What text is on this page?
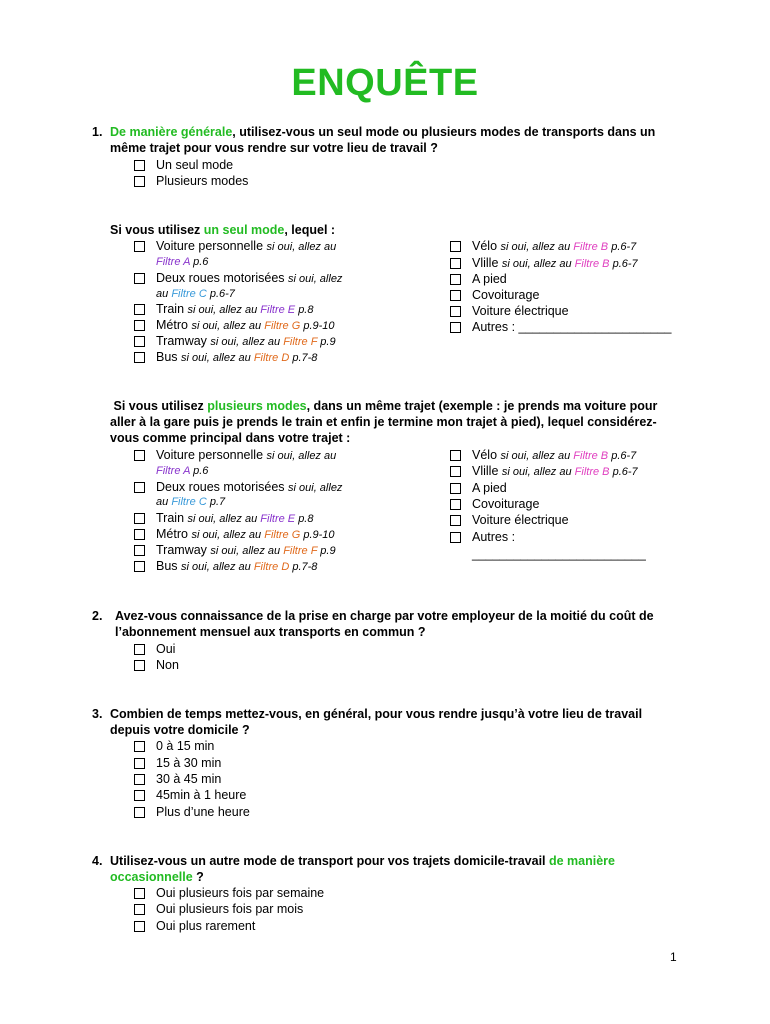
ENQUÊTE
1. De manière générale, utilisez-vous un seul mode ou plusieurs modes de transports dans un
même trajet pour vous rendre sur votre lieu de travail ?
Un seul mode
Plusieurs modes
Si vous utilisez un seul mode, lequel :
Voiture personnelle si oui, allez au
Filtre A p.6
Deux roues motorisées si oui, allez
au Filtre C p.6-7
Train si oui, allez au Filtre E p.8
Métro si oui, allez au Filtre G p.9-10
Tramway si oui, allez au Filtre F p.9
Bus si oui, allez au Filtre D p.7-8
Vélo si oui, allez au Filtre B p.6-7
Vlille si oui, allez au Filtre B p.6-7
A pied
Covoiturage
Voiture électrique
Autres : ______________________
Si vous utilisez plusieurs modes, dans un même trajet (exemple : je prends ma voiture pour
aller à la gare puis je prends le train et enfin je termine mon trajet à pied), lequel considérez-
vous comme principal dans votre trajet :
Voiture personnelle si oui, allez au
Filtre A p.6
Deux roues motorisées si oui, allez
au Filtre C p.7
Train si oui, allez au Filtre E p.8
Métro si oui, allez au Filtre G p.9-10
Tramway si oui, allez au Filtre F p.9
Bus si oui, allez au Filtre D p.7-8
Vélo si oui, allez au Filtre B p.6-7
Vlille si oui, allez au Filtre B p.6-7
A pied
Covoiturage
Voiture électrique
Autres :
_________________________
2. Avez-vous connaissance de la prise en charge par votre employeur de la moitié du coût de
l’abonnement mensuel aux transports en commun ?
Oui
Non
3. Combien de temps mettez-vous, en général, pour vous rendre jusqu’à votre lieu de travail
depuis votre domicile ?
0 à 15 min
15 à 30 min
30 à 45 min
45min à 1 heure
Plus d’une heure
4. Utilisez-vous un autre mode de transport pour vos trajets domicile-travail de manière
occasionnelle ?
Oui plusieurs fois par semaine
Oui plusieurs fois par mois
Oui plus rarement
1
